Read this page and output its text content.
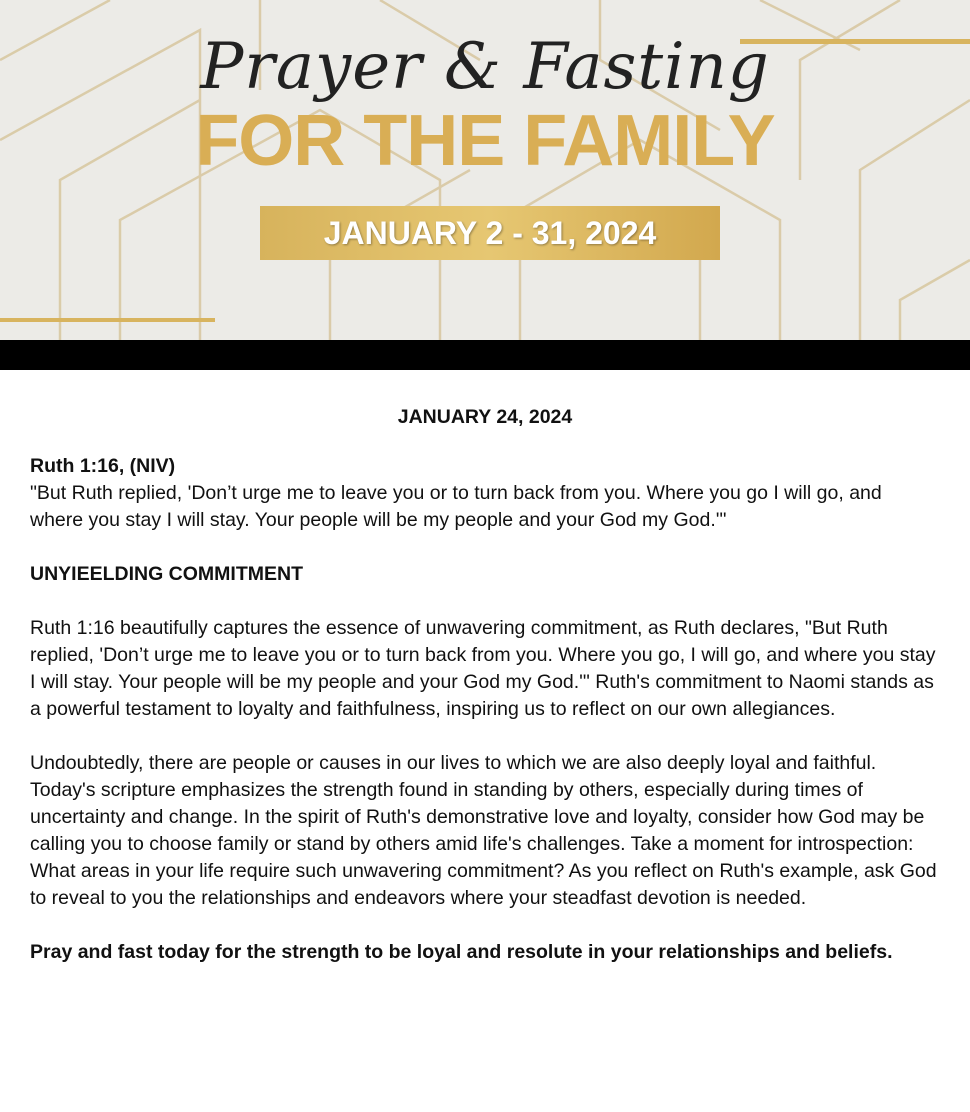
Prayer & Fasting
FOR THE FAMILY
JANUARY 2 - 31, 2024
JANUARY 24, 2024
Ruth 1:16, (NIV)

"But Ruth replied, 'Don’t urge me to leave you or to turn back from you. Where you go I will go, and where you stay I will stay. Your people will be my people and your God my God.'"

UNYIEELDING COMMITMENT

Ruth 1:16 beautifully captures the essence of unwavering commitment, as Ruth declares, "But Ruth replied, 'Don’t urge me to leave you or to turn back from you. Where you go, I will go, and where you stay I will stay. Your people will be my people and your God my God.'" Ruth's commitment to Naomi stands as a powerful testament to loyalty and faithfulness, inspiring us to reflect on our own allegiances.

Undoubtedly, there are people or causes in our lives to which we are also deeply loyal and faithful. Today's scripture emphasizes the strength found in standing by others, especially during times of uncertainty and change. In the spirit of Ruth's demonstrative love and loyalty, consider how God may be calling you to choose family or stand by others amid life's challenges. Take a moment for introspection: What areas in your life require such unwavering commitment? As you reflect on Ruth's example, ask God to reveal to you the relationships and endeavors where your steadfast devotion is needed.

Pray and fast today for the strength to be loyal and resolute in your relationships and beliefs.
